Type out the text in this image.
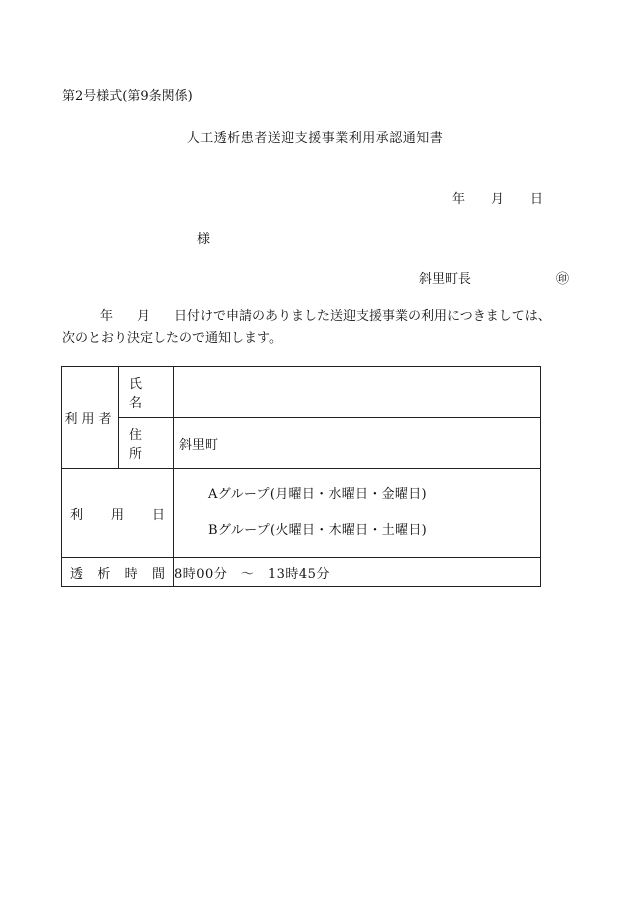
第2号様式(第9条関係)
人工透析患者送迎支援事業利用承認通知書
年 月 日
様
斜里町長	㊞
年 月 日付けで申請のありました送迎支援事業の利用につきましては、
次のとおり決定したので通知します。
利用者	氏　名	
	住　所	斜里町

利用日		Aグループ(月曜日・水曜日・金曜日)
Bグループ(火曜日・木曜日・土曜日)

透析時間		8時00分　～　13時45分
